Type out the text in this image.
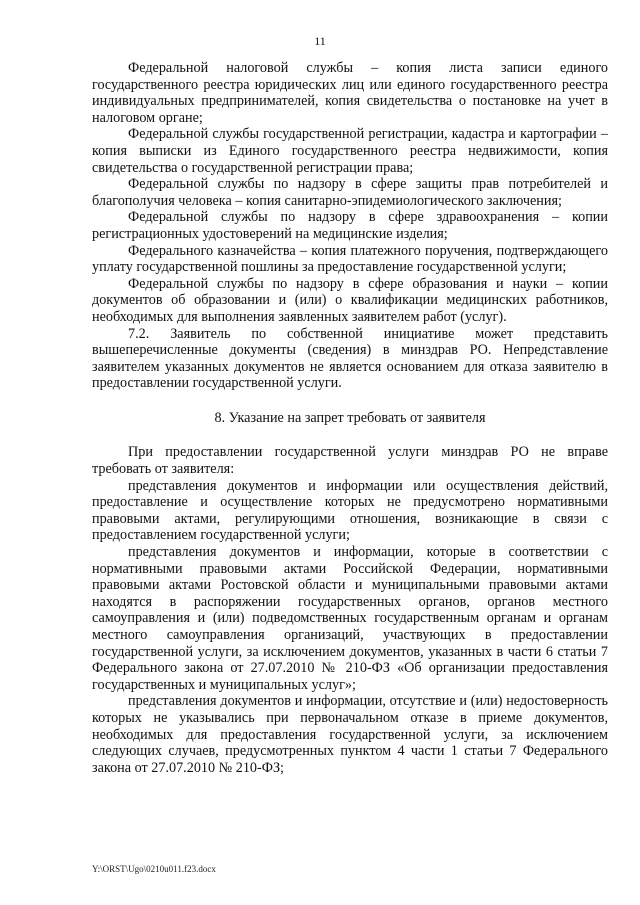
11

Федеральной налоговой службы – копия листа записи единого государственного реестра юридических лиц или единого государственного реестра индивидуальных предпринимателей, копия свидетельства о постановке на учет в налоговом органе;

Федеральной службы государственной регистрации, кадастра и картографии – копия выписки из Единого государственного реестра недвижимости, копия свидетельства о государственной регистрации права;

Федеральной службы по надзору в сфере защиты прав потребителей и благополучия человека – копия санитарно-эпидемиологического заключения;

Федеральной службы по надзору в сфере здравоохранения – копии регистрационных удостоверений на медицинские изделия;

Федерального казначейства – копия платежного поручения, подтверждающего уплату государственной пошлины за предоставление государственной услуги;

Федеральной службы по надзору в сфере образования и науки – копии документов об образовании и (или) о квалификации медицинских работников, необходимых для выполнения заявленных заявителем работ (услуг).

7.2. Заявитель по собственной инициативе может представить вышеперечисленные документы (сведения) в минздрав РО. Непредставление заявителем указанных документов не является основанием для отказа заявителю в предоставлении государственной услуги.

8. Указание на запрет требовать от заявителя

При предоставлении государственной услуги минздрав РО не вправе требовать от заявителя:

представления документов и информации или осуществления действий, предоставление и осуществление которых не предусмотрено нормативными правовыми актами, регулирующими отношения, возникающие в связи с предоставлением государственной услуги;

представления документов и информации, которые в соответствии с нормативными правовыми актами Российской Федерации, нормативными правовыми актами Ростовской области и муниципальными правовыми актами находятся в распоряжении государственных органов, органов местного самоуправления и (или) подведомственных государственным органам и органам местного самоуправления организаций, участвующих в предоставлении государственной услуги, за исключением документов, указанных в части 6 статьи 7 Федерального закона от 27.07.2010 № 210-ФЗ «Об организации предоставления государственных и муниципальных услуг»;

представления документов и информации, отсутствие и (или) недостоверность которых не указывались при первоначальном отказе в приеме документов, необходимых для предоставления государственной услуги, за исключением следующих случаев, предусмотренных пунктом 4 части 1 статьи 7 Федерального закона от 27.07.2010 № 210-ФЗ;

Y:\ORST\Ugo\0210u011.f23.docx
